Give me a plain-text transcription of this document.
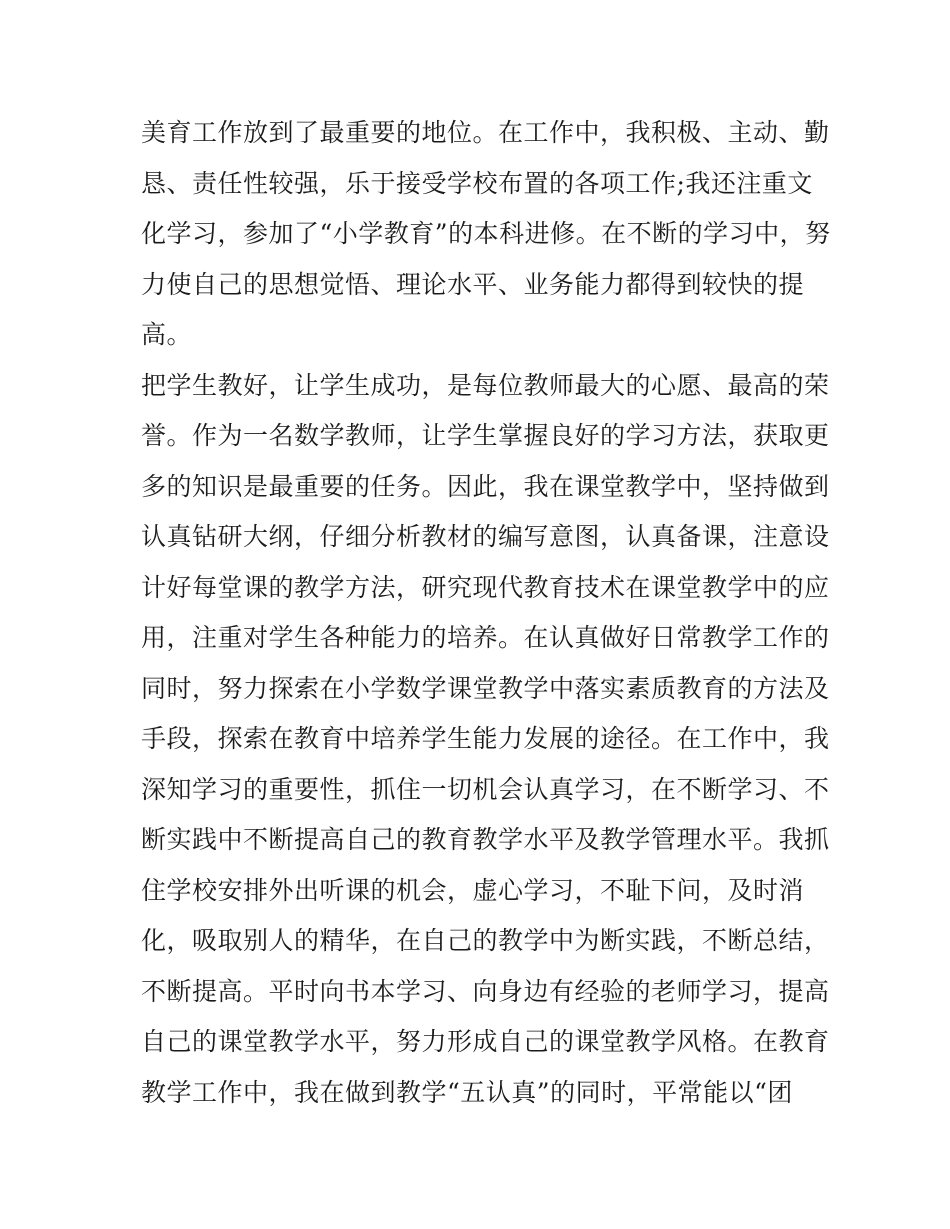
美育工作放到了最重要的地位。在工作中，我积极、主动、勤
恳、责任性较强，乐于接受学校布置的各项工作;我还注重文
化学习，参加了“小学教育”的本科进修。在不断的学习中，努
力使自己的思想觉悟、理论水平、业务能力都得到较快的提
高。
把学生教好，让学生成功，是每位教师最大的心愿、最高的荣
誉。作为一名数学教师，让学生掌握良好的学习方法，获取更
多的知识是最重要的任务。因此，我在课堂教学中，坚持做到
认真钻研大纲，仔细分析教材的编写意图，认真备课，注意设
计好每堂课的教学方法，研究现代教育技术在课堂教学中的应
用，注重对学生各种能力的培养。在认真做好日常教学工作的
同时，努力探索在小学数学课堂教学中落实素质教育的方法及
手段，探索在教育中培养学生能力发展的途径。在工作中，我
深知学习的重要性，抓住一切机会认真学习，在不断学习、不
断实践中不断提高自己的教育教学水平及教学管理水平。我抓
住学校安排外出听课的机会，虚心学习，不耻下问，及时消
化，吸取别人的精华，在自己的教学中为断实践，不断总结，
不断提高。平时向书本学习、向身边有经验的老师学习，提高
自己的课堂教学水平，努力形成自己的课堂教学风格。在教育
教学工作中，我在做到教学“五认真”的同时，平常能以“团
